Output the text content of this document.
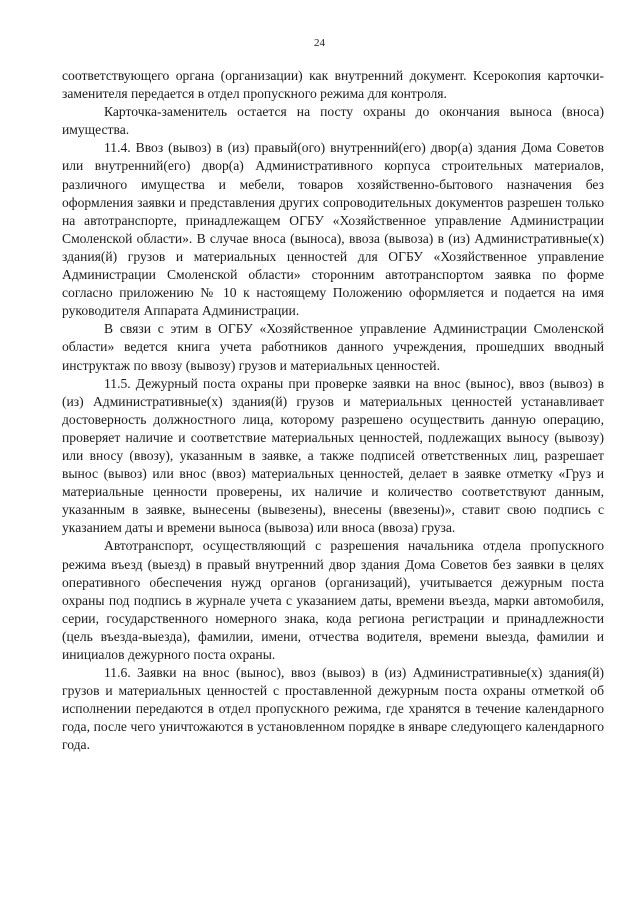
24

соответствующего органа (организации) как внутренний документ. Ксерокопия карточки-заменителя передается в отдел пропускного режима для контроля.

Карточка-заменитель остается на посту охраны до окончания выноса (вноса) имущества.

11.4. Ввоз (вывоз) в (из) правый(ого) внутренний(его) двор(а) здания Дома Советов или внутренний(его) двор(а) Административного корпуса строительных материалов, различного имущества и мебели, товаров хозяйственно-бытового назначения без оформления заявки и представления других сопроводительных документов разрешен только на автотранспорте, принадлежащем ОГБУ «Хозяйственное управление Администрации Смоленской области». В случае вноса (выноса), ввоза (вывоза) в (из) Административные(х) здания(й) грузов и материальных ценностей для ОГБУ «Хозяйственное управление Администрации Смоленской области» сторонним автотранспортом заявка по форме согласно приложению № 10 к настоящему Положению оформляется и подается на имя руководителя Аппарата Администрации.

В связи с этим в ОГБУ «Хозяйственное управление Администрации Смоленской области» ведется книга учета работников данного учреждения, прошедших вводный инструктаж по ввозу (вывозу) грузов и материальных ценностей.

11.5. Дежурный поста охраны при проверке заявки на внос (вынос), ввоз (вывоз) в (из) Административные(х) здания(й) грузов и материальных ценностей устанавливает достоверность должностного лица, которому разрешено осуществить данную операцию, проверяет наличие и соответствие материальных ценностей, подлежащих выносу (вывозу) или вносу (ввозу), указанным в заявке, а также подписей ответственных лиц, разрешает вынос (вывоз) или внос (ввоз) материальных ценностей, делает в заявке отметку «Груз и материальные ценности проверены, их наличие и количество соответствуют данным, указанным в заявке, вынесены (вывезены), внесены (ввезены)», ставит свою подпись с указанием даты и времени выноса (вывоза) или вноса (ввоза) груза.

Автотранспорт, осуществляющий с разрешения начальника отдела пропускного режима въезд (выезд) в правый внутренний двор здания Дома Советов без заявки в целях оперативного обеспечения нужд органов (организаций), учитывается дежурным поста охраны под подпись в журнале учета с указанием даты, времени въезда, марки автомобиля, серии, государственного номерного знака, кода региона регистрации и принадлежности (цель въезда-выезда), фамилии, имени, отчества водителя, времени выезда, фамилии и инициалов дежурного поста охраны.

11.6. Заявки на внос (вынос), ввоз (вывоз) в (из) Административные(х) здания(й) грузов и материальных ценностей с проставленной дежурным поста охраны отметкой об исполнении передаются в отдел пропускного режима, где хранятся в течение календарного года, после чего уничтожаются в установленном порядке в январе следующего календарного года.
